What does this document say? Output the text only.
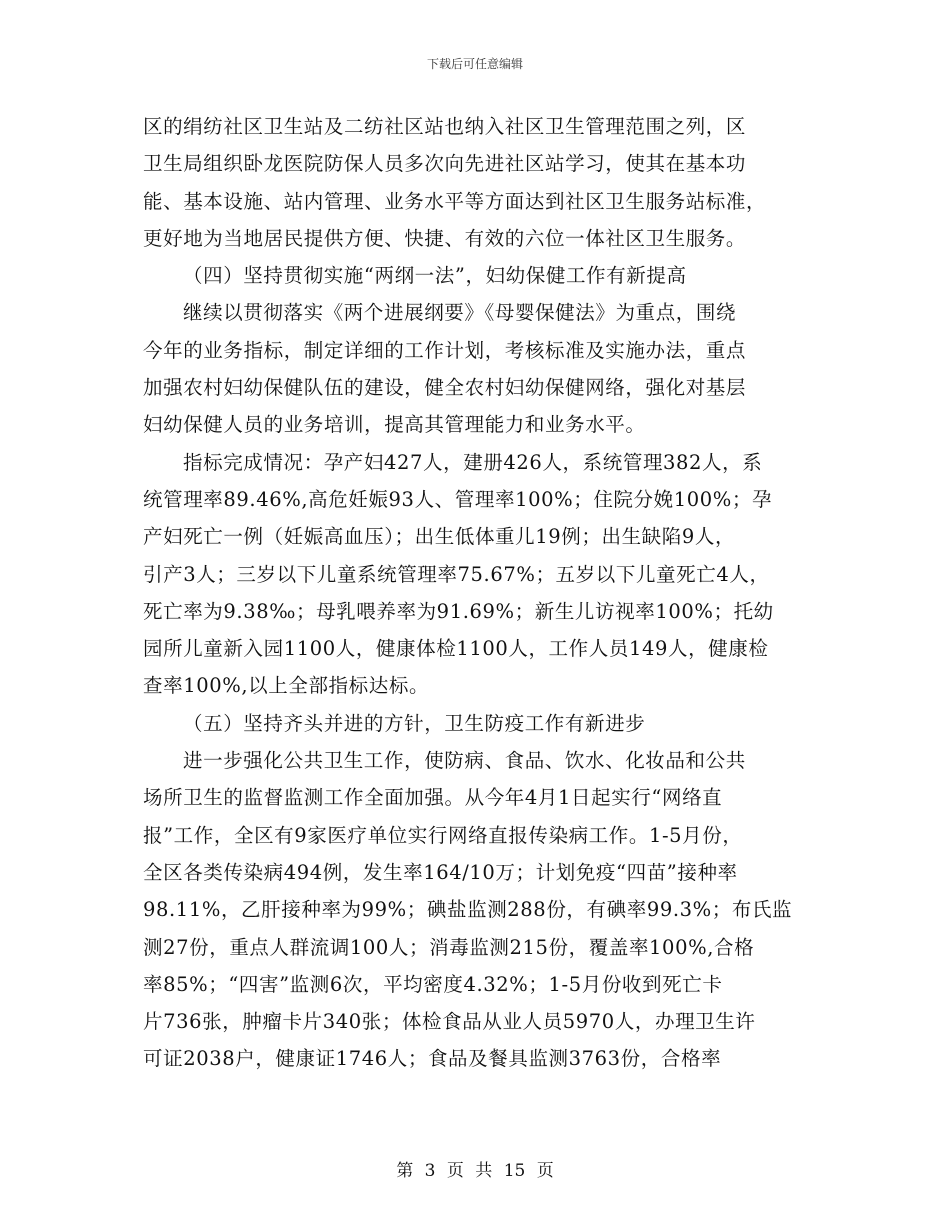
下载后可任意编辑
区的绢纺社区卫生站及二纺社区站也纳入社区卫生管理范围之列，区
卫生局组织卧龙医院防保人员多次向先进社区站学习，使其在基本功
能、基本设施、站内管理、业务水平等方面达到社区卫生服务站标准，
更好地为当地居民提供方便、快捷、有效的六位一体社区卫生服务。
（四）坚持贯彻实施“两纲一法”，妇幼保健工作有新提高
继续以贯彻落实《两个进展纲要》《母婴保健法》为重点，围绕
今年的业务指标，制定详细的工作计划，考核标准及实施办法，重点
加强农村妇幼保健队伍的建设，健全农村妇幼保健网络，强化对基层
妇幼保健人员的业务培训，提高其管理能力和业务水平。
指标完成情况：孕产妇427人，建册426人，系统管理382人，系
统管理率89.46%,高危妊娠93人、管理率100%；住院分娩100%；孕
产妇死亡一例（妊娠高血压）；出生低体重儿19例；出生缺陷9人，
引产3人；三岁以下儿童系统管理率75.67%；五岁以下儿童死亡4人，
死亡率为9.38‰；母乳喂养率为91.69%；新生儿访视率100%；托幼
园所儿童新入园1100人，健康体检1100人，工作人员149人，健康检
查率100%,以上全部指标达标。
（五）坚持齐头并进的方针，卫生防疫工作有新进步
进一步强化公共卫生工作，使防病、食品、饮水、化妆品和公共
场所卫生的监督监测工作全面加强。从今年4月1日起实行“网络直
报”工作，全区有9家医疗单位实行网络直报传染病工作。1-5月份，
全区各类传染病494例，发生率164/10万；计划免疫“四苗”接种率
98.11%，乙肝接种率为99%；碘盐监测288份，有碘率99.3%；布氏监
测27份，重点人群流调100人；消毒监测215份，覆盖率100%,合格
率85%；“四害”监测6次，平均密度4.32%；1-5月份收到死亡卡
片736张，肿瘤卡片340张；体检食品从业人员5970人，办理卫生许
可证2038户，健康证1746人；食品及餐具监测3763份，合格率
第 3 页 共 15 页
